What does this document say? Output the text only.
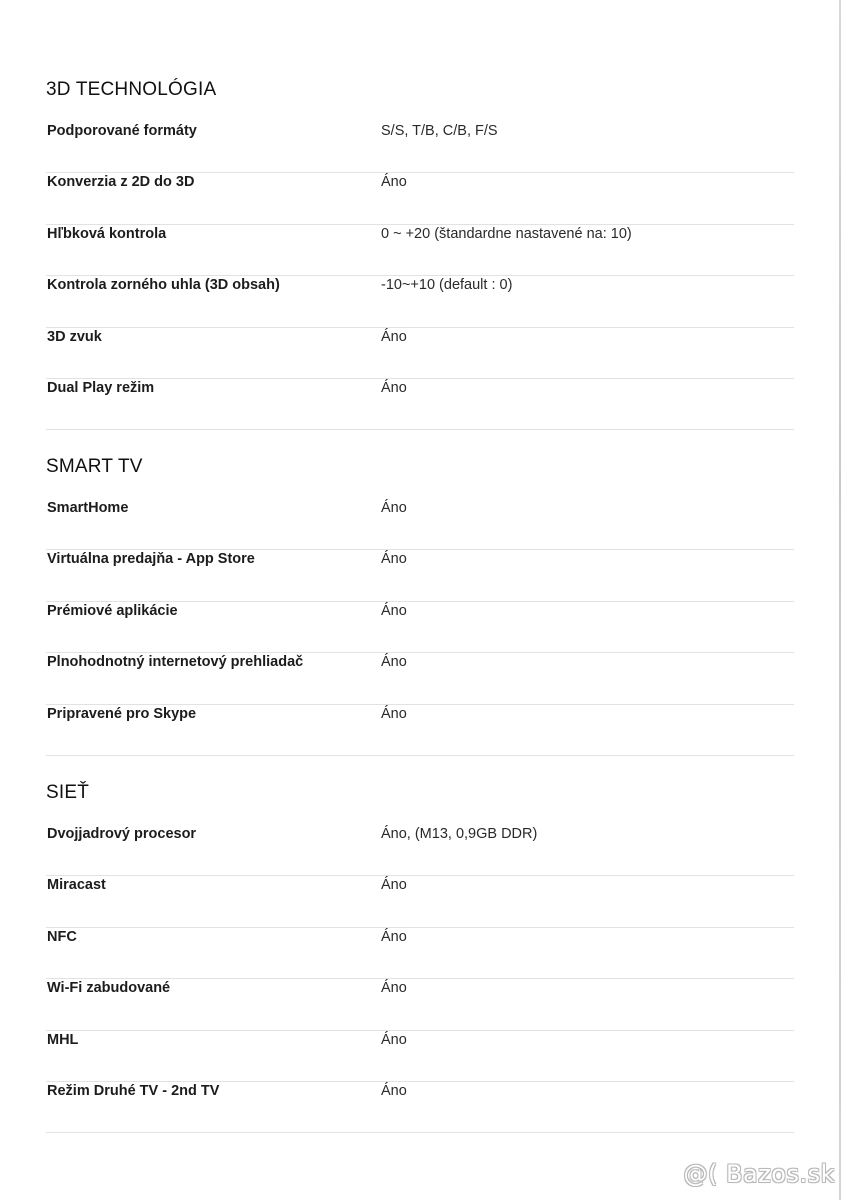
3D TECHNOLÓGIA
Podporované formáty	S/S, T/B, C/B, F/S
Konverzia z 2D do 3D	Áno
Hľbková kontrola	0 ~ +20 (štandardne nastavené na: 10)
Kontrola zorného uhla (3D obsah)	-10~+10 (default : 0)
3D zvuk	Áno
Dual Play režim	Áno
SMART TV
SmartHome	Áno
Virtuálna predajňa - App Store	Áno
Prémiové aplikácie	Áno
Plnohodnotný internetový prehliadač	Áno
Pripravené pro Skype	Áno
SIEŤ
Dvojjadrový procesor	Áno, (M13, 0,9GB DDR)
Miracast	Áno
NFC	Áno
Wi-Fi zabudované	Áno
MHL	Áno
Režim Druhé TV - 2nd TV	Áno
@( Bazos.sk
